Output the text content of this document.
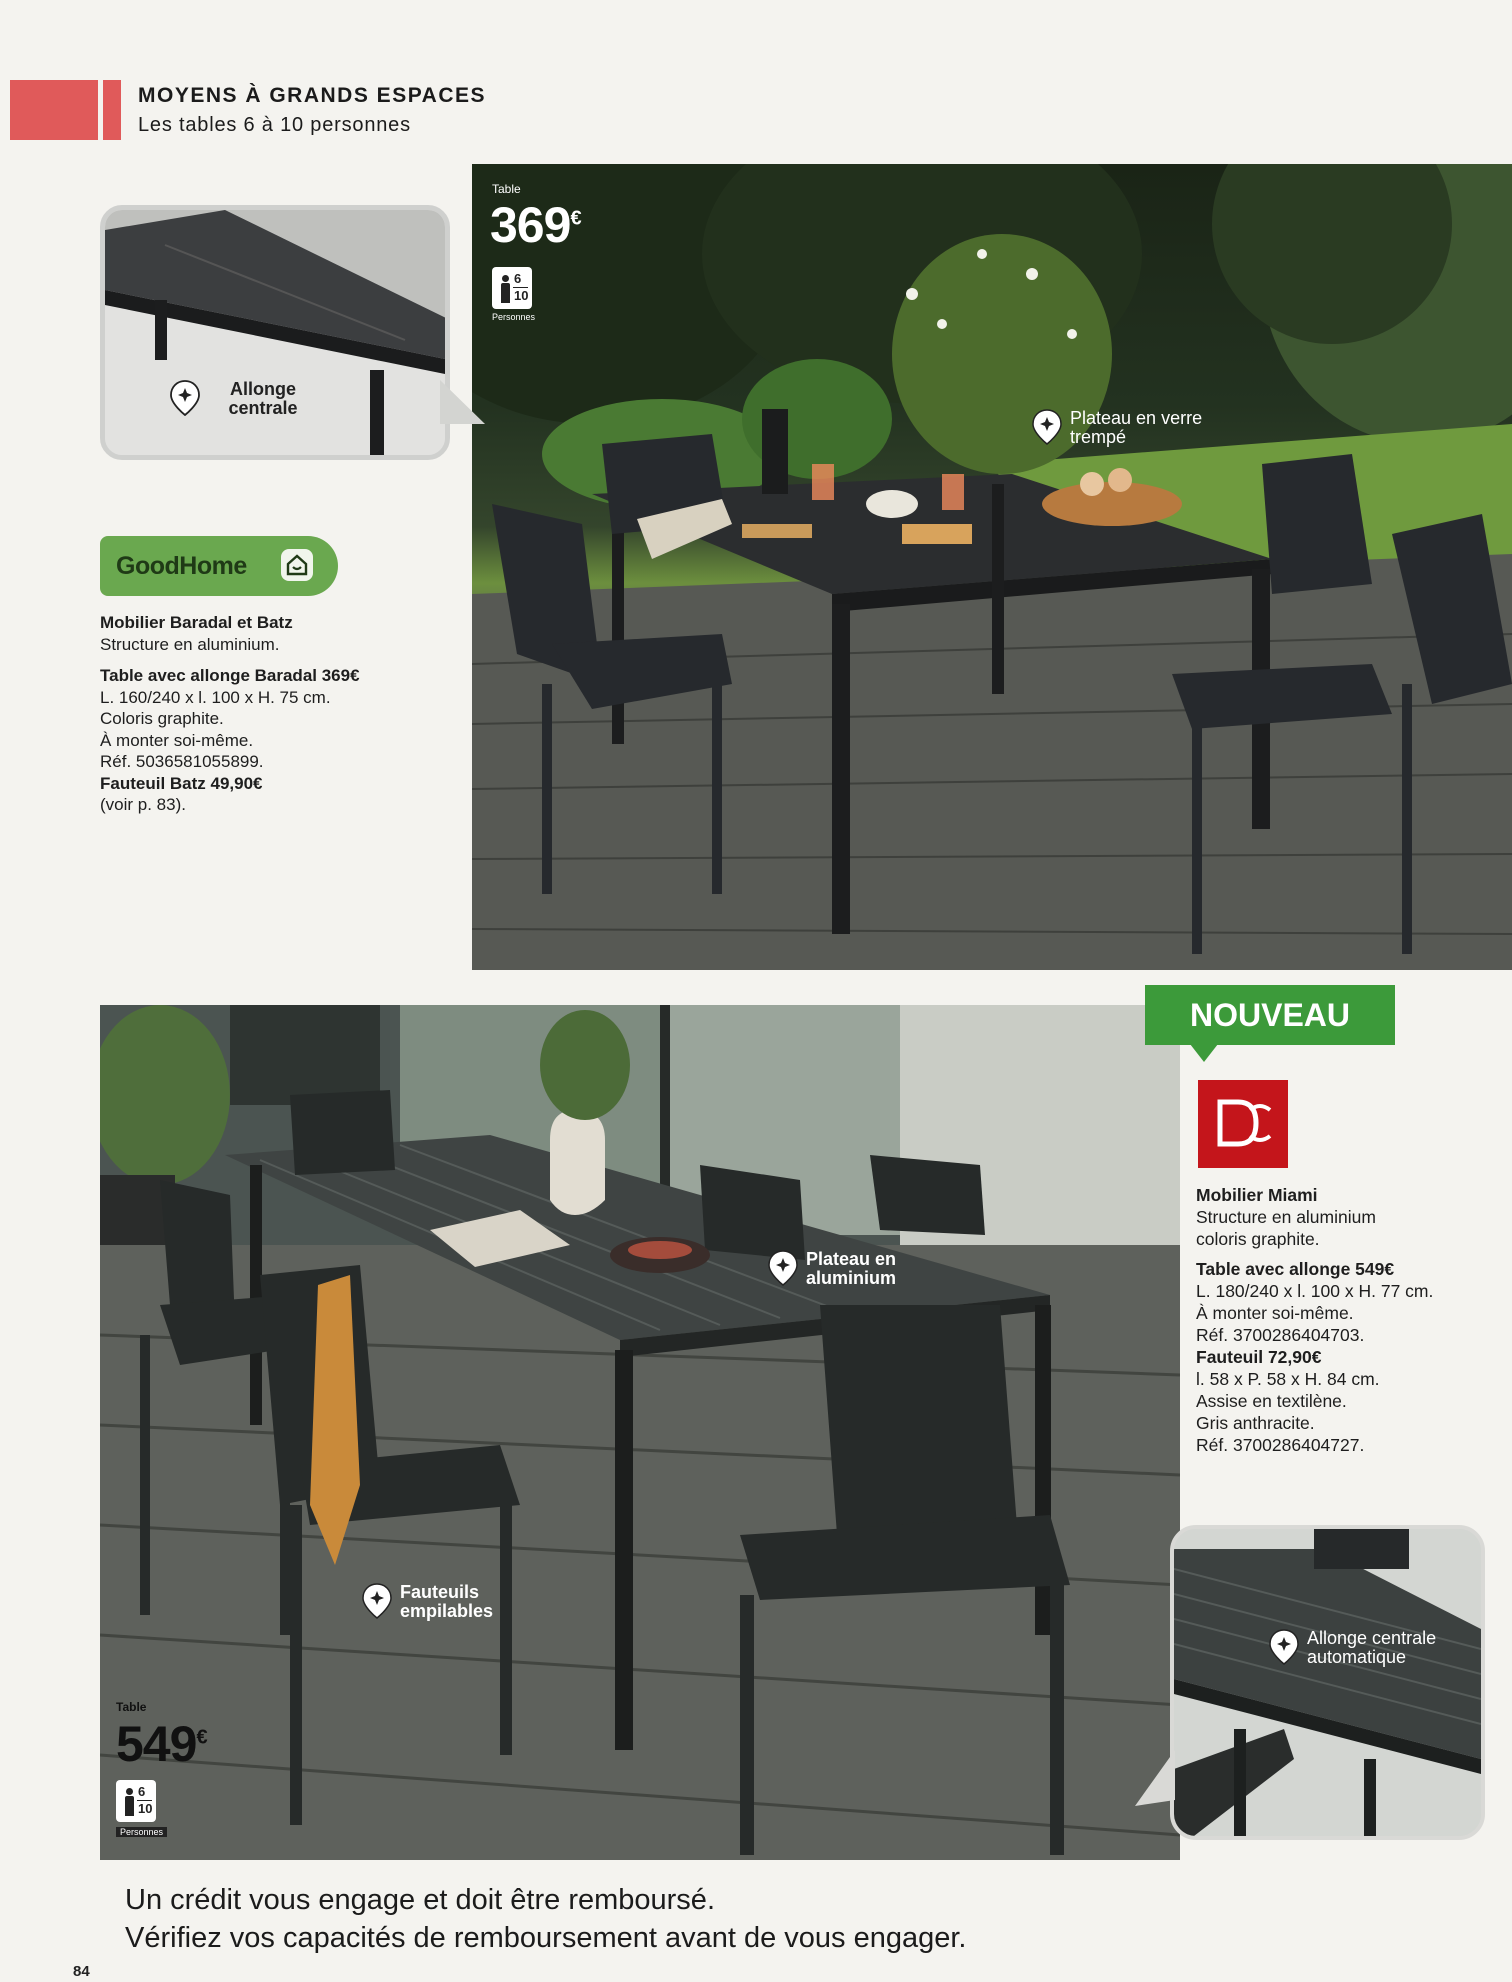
MOYENS À GRANDS ESPACES
Les tables 6 à 10 personnes
Table
369€
6
10
Personnes
Plateau en verre trempé
Allonge centrale
GoodHome
Mobilier Baradal et Batz
Structure en aluminium.
Table avec allonge Baradal 369€
L. 160/240 x l. 100 x H. 75 cm.
Coloris graphite.
À monter soi-même.
Réf. 5036581055899.
Fauteuil Batz 49,90€
(voir p. 83).
Plateau en aluminium
Fauteuils empilables
Table
549€
6
10
Personnes
NOUVEAU
Mobilier Miami
Structure en aluminium
coloris graphite.
Table avec allonge 549€
L. 180/240 x l. 100 x H. 77 cm.
À monter soi-même.
Réf. 3700286404703.
Fauteuil 72,90€
l. 58 x P. 58 x H. 84 cm.
Assise en textilène.
Gris anthracite.
Réf. 3700286404727.
Allonge centrale automatique
Un crédit vous engage et doit être remboursé.
Vérifiez vos capacités de remboursement avant de vous engager.
84
